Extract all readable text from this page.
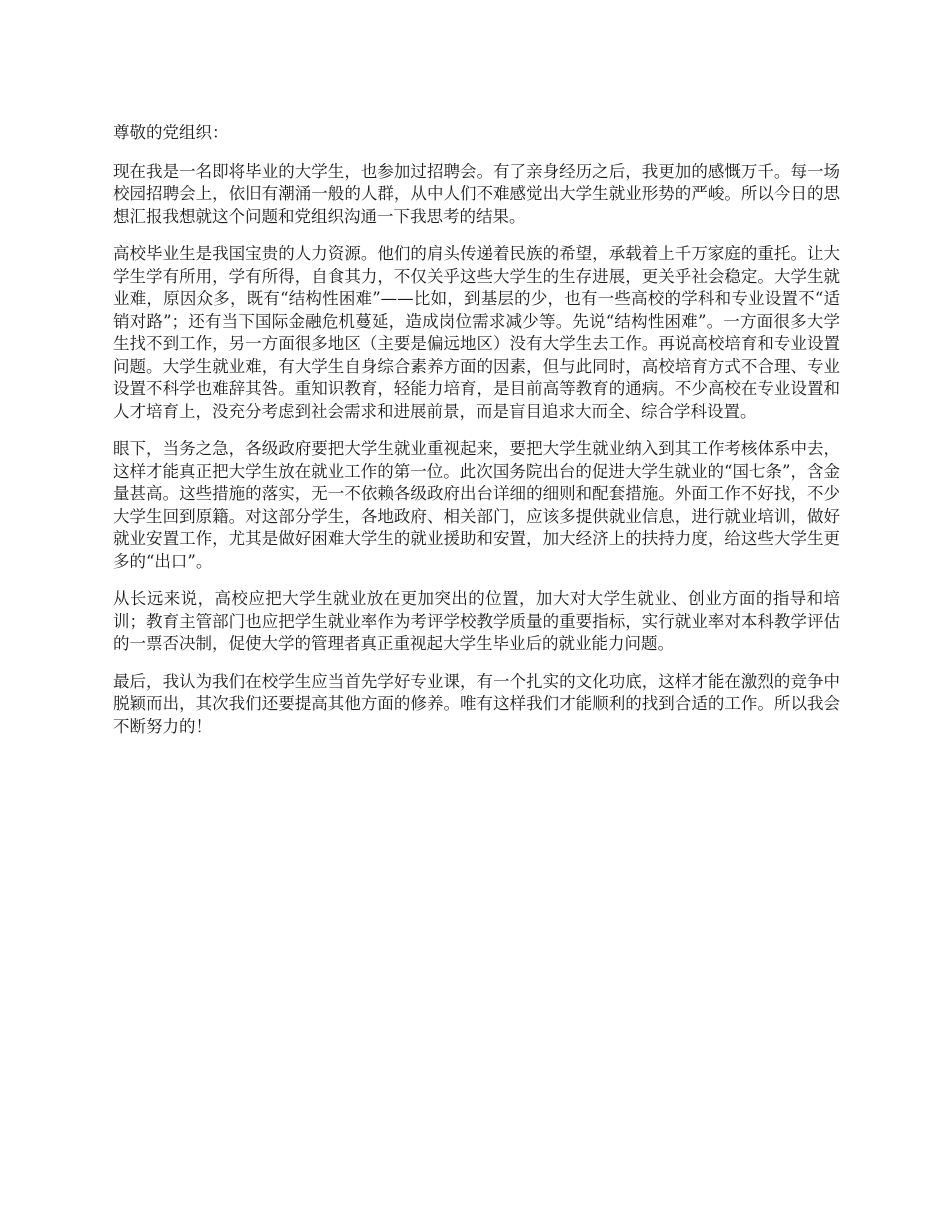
尊敬的党组织：

现在我是一名即将毕业的大学生，也参加过招聘会。有了亲身经历之后，我更加的感慨万千。每一场校园招聘会上，依旧有潮涌一般的人群，从中人们不难感觉出大学生就业形势的严峻。所以今日的思想汇报我想就这个问题和党组织沟通一下我思考的结果。

高校毕业生是我国宝贵的人力资源。他们的肩头传递着民族的希望，承载着上千万家庭的重托。让大学生学有所用，学有所得，自食其力，不仅关乎这些大学生的生存进展，更关乎社会稳定。大学生就业难，原因众多，既有“结构性困难”——比如，到基层的少，也有一些高校的学科和专业设置不“适销对路”；还有当下国际金融危机蔓延，造成岗位需求减少等。先说“结构性困难”。一方面很多大学生找不到工作，另一方面很多地区（主要是偏远地区）没有大学生去工作。再说高校培育和专业设置问题。大学生就业难，有大学生自身综合素养方面的因素，但与此同时，高校培育方式不合理、专业设置不科学也难辞其咎。重知识教育，轻能力培育，是目前高等教育的通病。不少高校在专业设置和人才培育上，没充分考虑到社会需求和进展前景，而是盲目追求大而全、综合学科设置。

眼下，当务之急，各级政府要把大学生就业重视起来，要把大学生就业纳入到其工作考核体系中去，这样才能真正把大学生放在就业工作的第一位。此次国务院出台的促进大学生就业的“国七条”，含金量甚高。这些措施的落实，无一不依赖各级政府出台详细的细则和配套措施。外面工作不好找，不少大学生回到原籍。对这部分学生，各地政府、相关部门，应该多提供就业信息，进行就业培训，做好就业安置工作，尤其是做好困难大学生的就业援助和安置，加大经济上的扶持力度，给这些大学生更多的“出口”。

从长远来说，高校应把大学生就业放在更加突出的位置，加大对大学生就业、创业方面的指导和培训；教育主管部门也应把学生就业率作为考评学校教学质量的重要指标，实行就业率对本科教学评估的一票否决制，促使大学的管理者真正重视起大学生毕业后的就业能力问题。

最后，我认为我们在校学生应当首先学好专业课，有一个扎实的文化功底，这样才能在激烈的竞争中脱颖而出，其次我们还要提高其他方面的修养。唯有这样我们才能顺利的找到合适的工作。所以我会不断努力的！
